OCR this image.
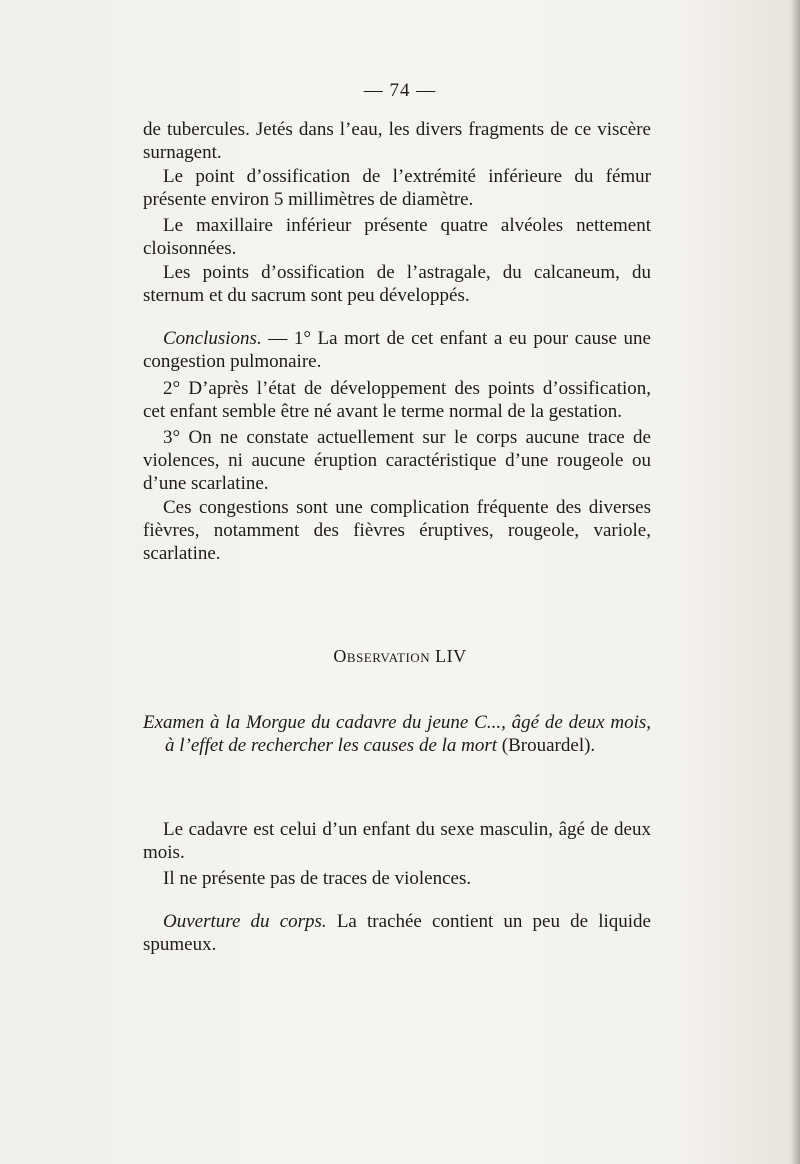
— 74 —
de tubercules. Jetés dans l’eau, les divers fragments de ce viscère surnagent.
Le point d’ossification de l’extrémité inférieure du fémur présente environ 5 millimètres de diamètre.
Le maxillaire inférieur présente quatre alvéoles nettement cloisonnées.
Les points d’ossification de l’astragale, du calcaneum, du sternum et du sacrum sont peu développés.
Conclusions. — 1° La mort de cet enfant a eu pour cause une congestion pulmonaire.
2° D’après l’état de développement des points d’ossification, cet enfant semble être né avant le terme normal de la gestation.
3° On ne constate actuellement sur le corps aucune trace de violences, ni aucune éruption caractéristique d’une rougeole ou d’une scarlatine.
Ces congestions sont une complication fréquente des diverses fièvres, notamment des fièvres éruptives, rougeole, variole, scarlatine.
Observation LIV
Examen à la Morgue du cadavre du jeune C..., âgé de deux mois, à l’effet de rechercher les causes de la mort (Brouardel).
Le cadavre est celui d’un enfant du sexe masculin, âgé de deux mois.
Il ne présente pas de traces de violences.
Ouverture du corps. La trachée contient un peu de liquide spumeux.
